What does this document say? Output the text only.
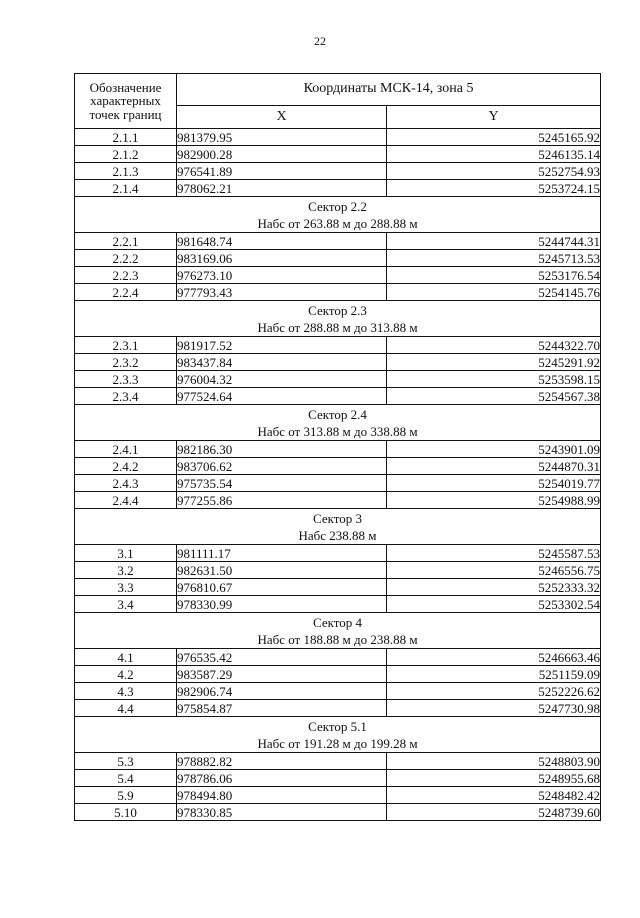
22
Обозначение характерных точек границ	Координаты МСК-14, зона 5	
	X	Y
2.1.1	981379.95	5245165.92
2.1.2	982900.28	5246135.14
2.1.3	976541.89	5252754.93
2.1.4	978062.21	5253724.15

Сектор 2.2
Набс от 263.88 м до 288.88 м		

2.2.1	981648.74	5244744.31
2.2.2	983169.06	5245713.53
2.2.3	976273.10	5253176.54
2.2.4	977793.43	5254145.76

Сектор 2.3
Набс от 288.88 м до 313.88 м		

2.3.1	981917.52	5244322.70
2.3.2	983437.84	5245291.92
2.3.3	976004.32	5253598.15
2.3.4	977524.64	5254567.38

Сектор 2.4
Набс от 313.88 м до 338.88 м		

2.4.1	982186.30	5243901.09
2.4.2	983706.62	5244870.31
2.4.3	975735.54	5254019.77
2.4.4	977255.86	5254988.99

Сектор 3
Набс 238.88 м		

3.1	981111.17	5245587.53
3.2	982631.50	5246556.75
3.3	976810.67	5252333.32
3.4	978330.99	5253302.54

Сектор 4
Набс от 188.88 м до 238.88 м		

4.1	976535.42	5246663.46
4.2	983587.29	5251159.09
4.3	982906.74	5252226.62
4.4	975854.87	5247730.98

Сектор 5.1
Набс от 191.28 м до 199.28 м		

5.3	978882.82	5248803.90
5.4	978786.06	5248955.68
5.9	978494.80	5248482.42
5.10	978330.85	5248739.60
